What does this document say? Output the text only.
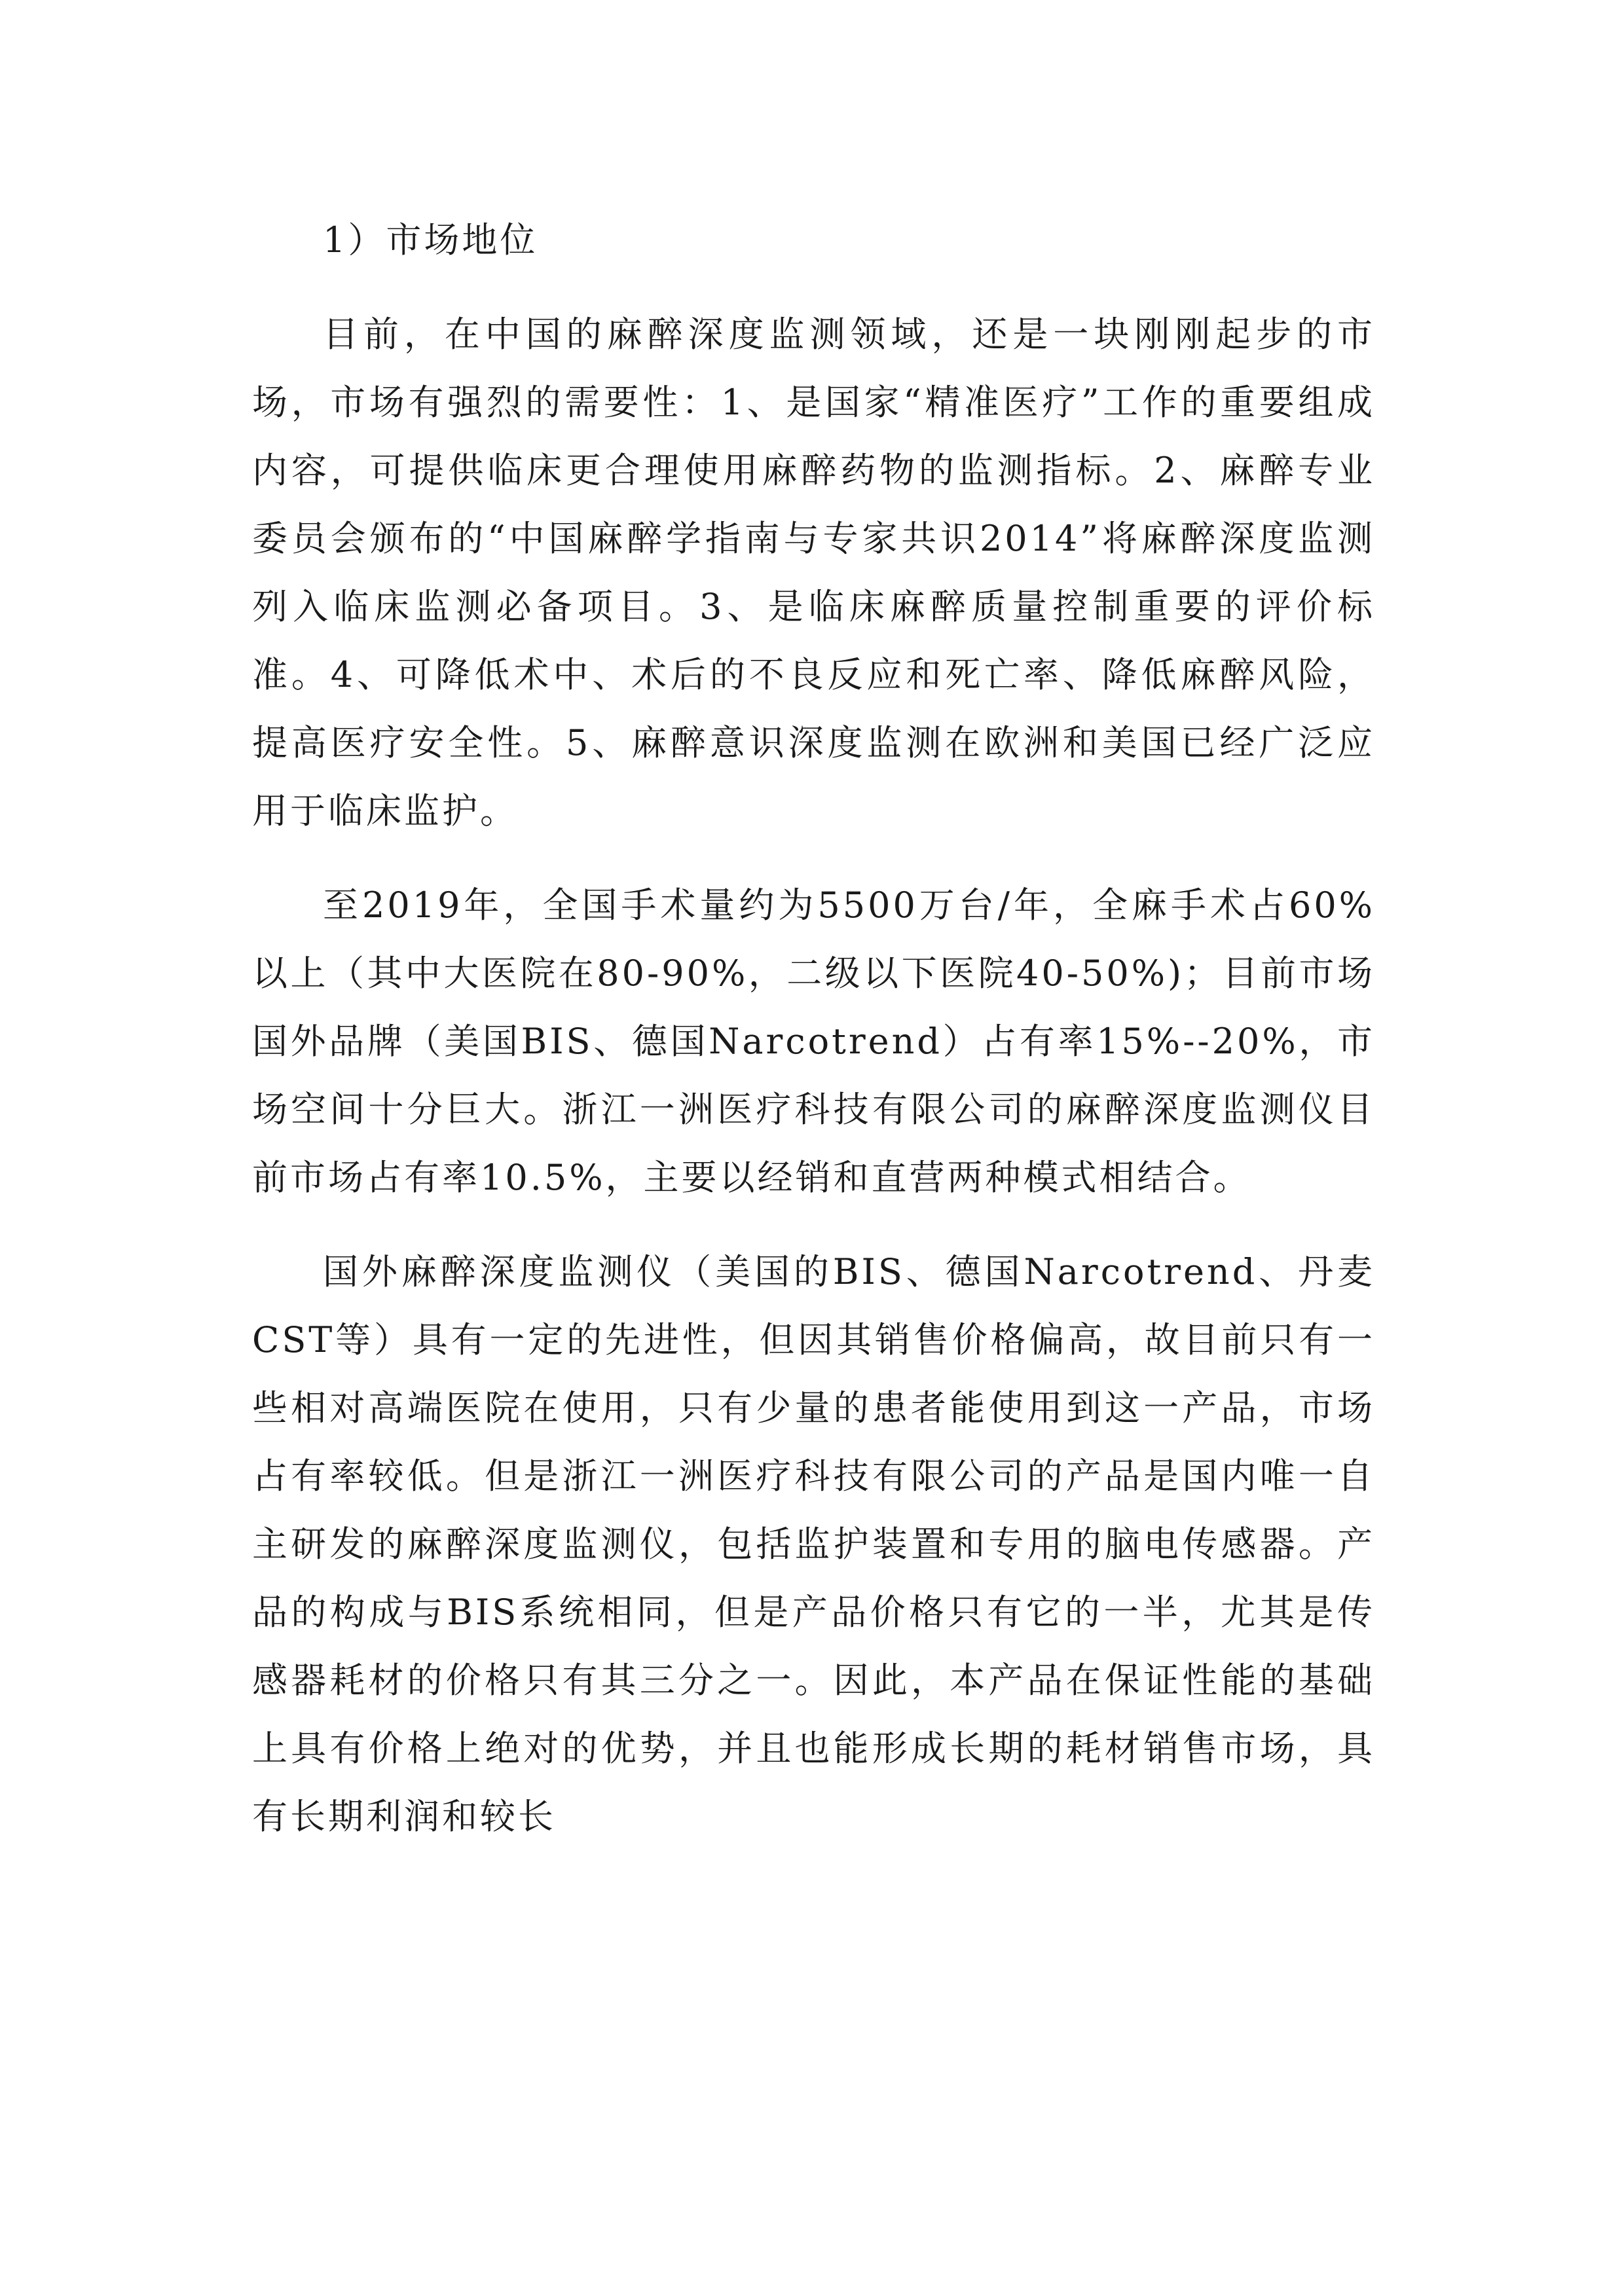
1）市场地位

目前，在中国的麻醉深度监测领域，还是一块刚刚起步的市场，市场有强烈的需要性：1、是国家“精准医疗”工作的重要组成内容，可提供临床更合理使用麻醉药物的监测指标。2、麻醉专业委员会颁布的“中国麻醉学指南与专家共识2014”将麻醉深度监测列入临床监测必备项目。3、是临床麻醉质量控制重要的评价标准。4、可降低术中、术后的不良反应和死亡率、降低麻醉风险，提高医疗安全性。5、麻醉意识深度监测在欧洲和美国已经广泛应用于临床监护。

至2019年，全国手术量约为5500万台/年，全麻手术占60%以上（其中大医院在80-90%，二级以下医院40-50%)；目前市场国外品牌（美国BIS、德国Narcotrend）占有率15%--20%，市场空间十分巨大。浙江一洲医疗科技有限公司的麻醉深度监测仪目前市场占有率10.5%，主要以经销和直营两种模式相结合。

国外麻醉深度监测仪（美国的BIS、德国Narcotrend、丹麦CST等）具有一定的先进性，但因其销售价格偏高，故目前只有一些相对高端医院在使用，只有少量的患者能使用到这一产品，市场占有率较低。但是浙江一洲医疗科技有限公司的产品是国内唯一自主研发的麻醉深度监测仪，包括监护装置和专用的脑电传感器。产品的构成与BIS系统相同，但是产品价格只有它的一半，尤其是传感器耗材的价格只有其三分之一。因此，本产品在保证性能的基础上具有价格上绝对的优势，并且也能形成长期的耗材销售市场，具有长期利润和较长
